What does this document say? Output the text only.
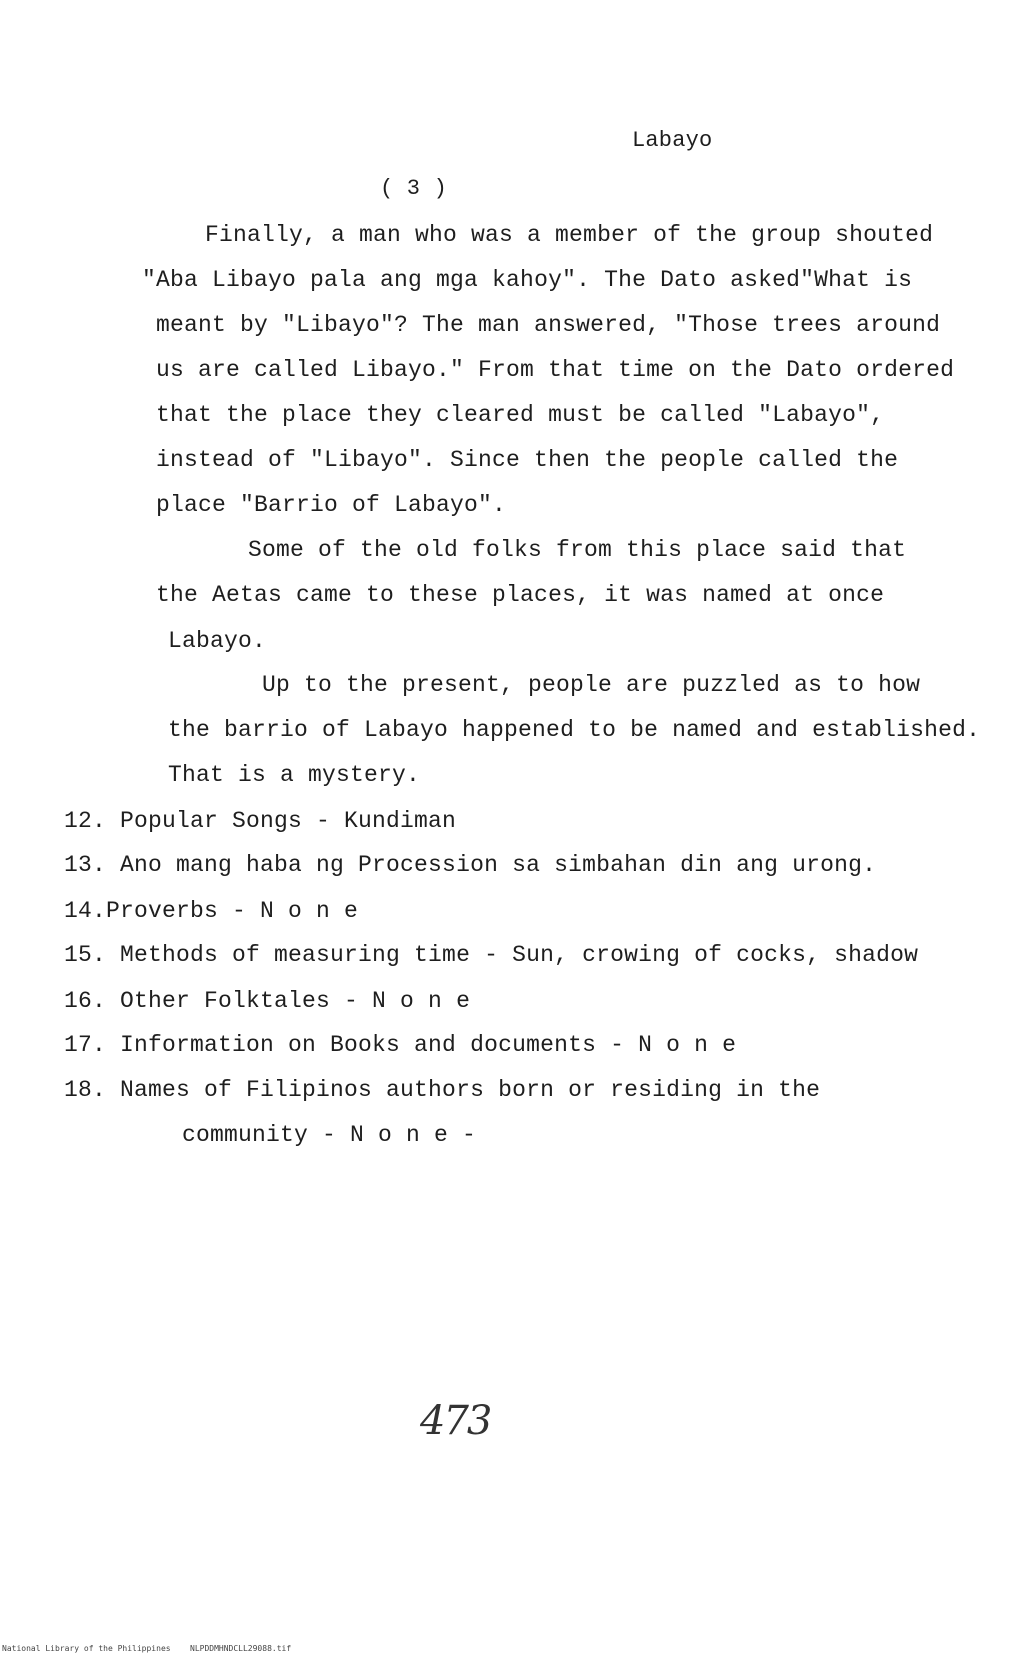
Labayo
( 3 )
Finally, a man who was a member of the group shouted
"Aba Libayo pala ang mga kahoy". The Dato asked"What is
meant by "Libayo"? The man answered, "Those trees around
us are called Libayo." From that time on the Dato ordered
that the place they cleared must be called "Labayo",
instead of "Libayo". Since then the people called the
place "Barrio of Labayo".
Some of the old folks from this place said that
the Aetas came to these places, it was named at once
Labayo.
Up to the present, people are puzzled as to how
the barrio of Labayo happened to be named and established.
That is a mystery.
12. Popular Songs - Kundiman
13. Ano mang haba ng Procession sa simbahan din ang urong.
14.Proverbs - N o n e
15. Methods of measuring time - Sun, crowing of cocks, shadow
16. Other Folktales - N o n e
17. Information on Books and documents - N o n e
18. Names of Filipinos authors born or residing in the
community - N o n e -
473
National Library of the Philippines NLPDDMHNDCLL29088.tif
